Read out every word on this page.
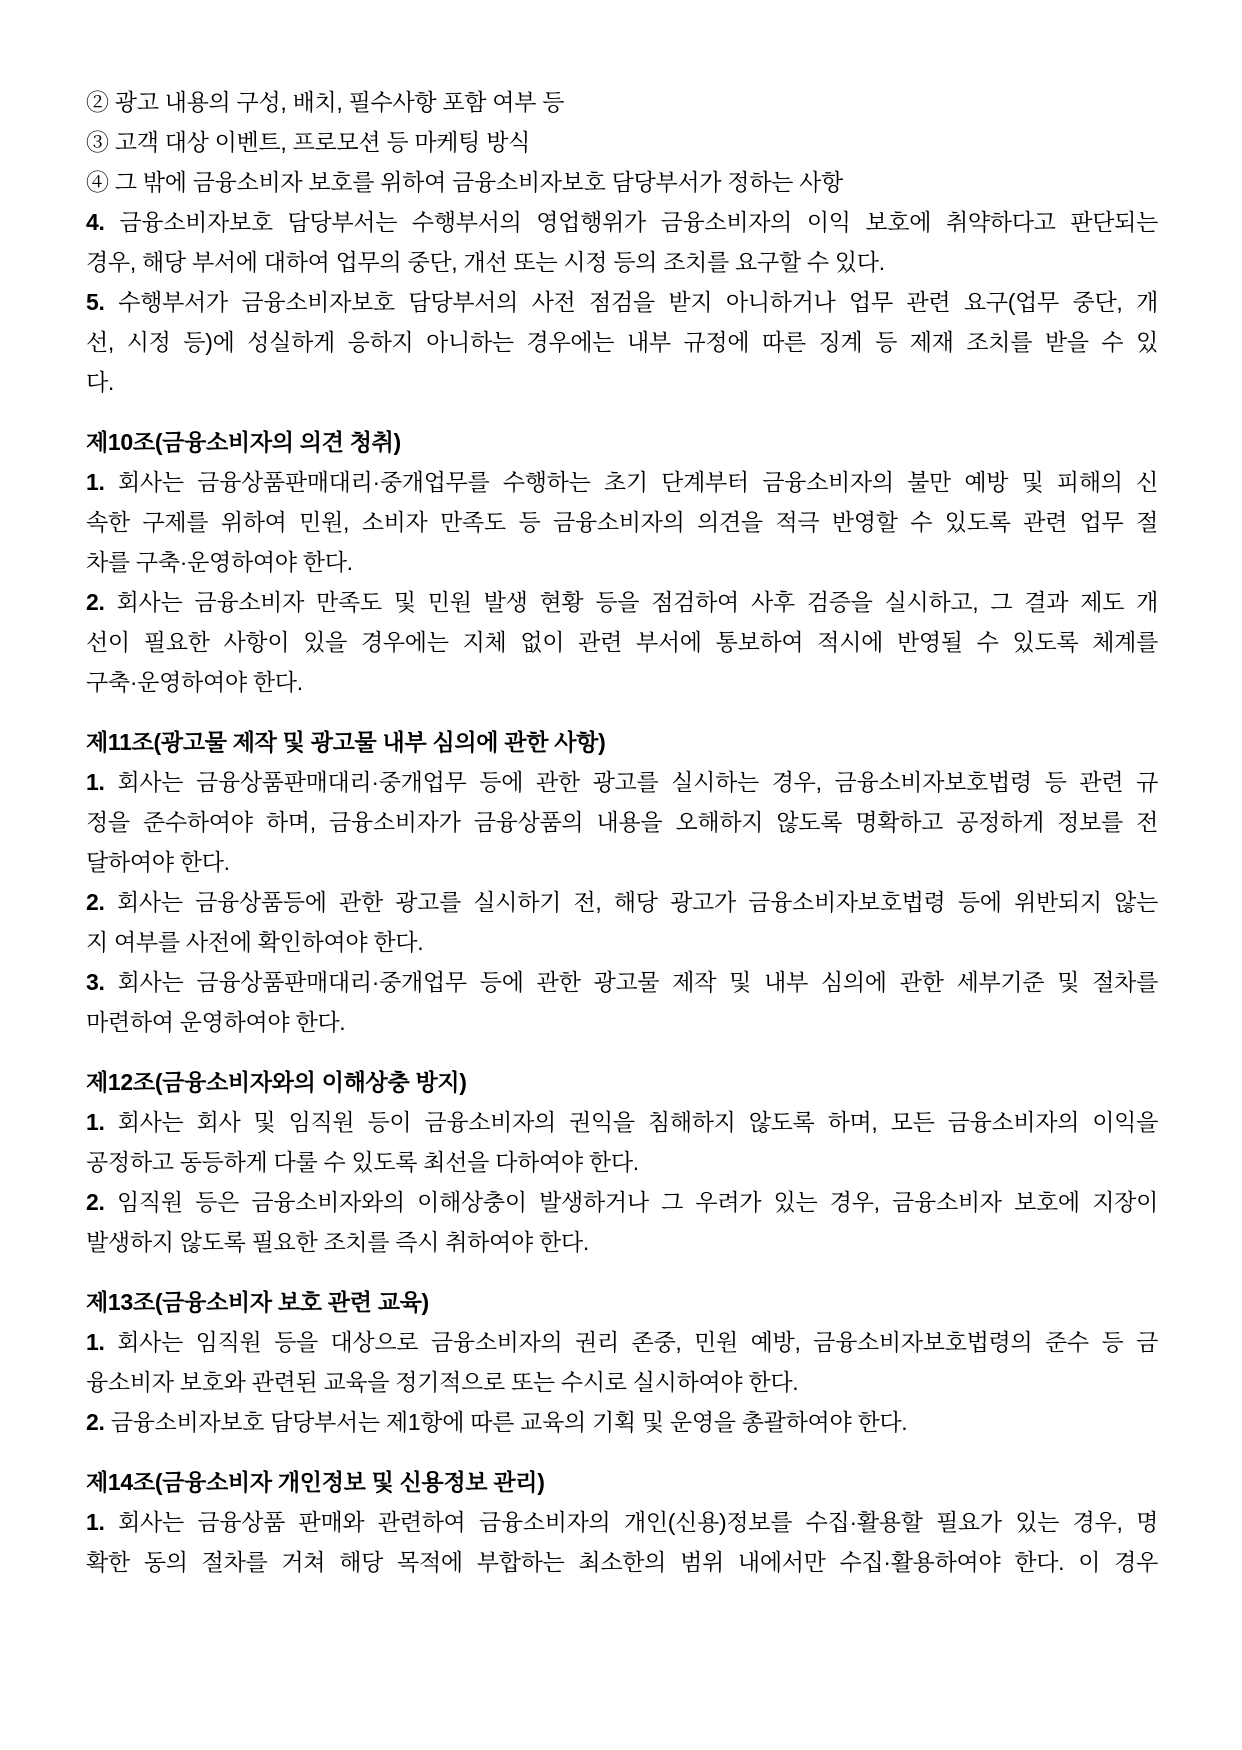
② 광고 내용의 구성, 배치, 필수사항 포함 여부 등
③ 고객 대상 이벤트, 프로모션 등 마케팅 방식
④ 그 밖에 금융소비자 보호를 위하여 금융소비자보호 담당부서가 정하는 사항
4. 금융소비자보호 담당부서는 수행부서의 영업행위가 금융소비자의 이익 보호에 취약하다고 판단되는
경우, 해당 부서에 대하여 업무의 중단, 개선 또는 시정 등의 조치를 요구할 수 있다.
5. 수행부서가 금융소비자보호 담당부서의 사전 점검을 받지 아니하거나 업무 관련 요구(업무 중단, 개
선, 시정 등)에 성실하게 응하지 아니하는 경우에는 내부 규정에 따른 징계 등 제재 조치를 받을 수 있
다.
제10조(금융소비자의 의견 청취)
1. 회사는 금융상품판매대리·중개업무를 수행하는 초기 단계부터 금융소비자의 불만 예방 및 피해의 신
속한 구제를 위하여 민원, 소비자 만족도 등 금융소비자의 의견을 적극 반영할 수 있도록 관련 업무 절
차를 구축·운영하여야 한다.
2. 회사는 금융소비자 만족도 및 민원 발생 현황 등을 점검하여 사후 검증을 실시하고, 그 결과 제도 개
선이 필요한 사항이 있을 경우에는 지체 없이 관련 부서에 통보하여 적시에 반영될 수 있도록 체계를
구축·운영하여야 한다.
제11조(광고물 제작 및 광고물 내부 심의에 관한 사항)
1. 회사는 금융상품판매대리·중개업무 등에 관한 광고를 실시하는 경우, 금융소비자보호법령 등 관련 규
정을 준수하여야 하며, 금융소비자가 금융상품의 내용을 오해하지 않도록 명확하고 공정하게 정보를 전
달하여야 한다.
2. 회사는 금융상품등에 관한 광고를 실시하기 전, 해당 광고가 금융소비자보호법령 등에 위반되지 않는
지 여부를 사전에 확인하여야 한다.
3. 회사는 금융상품판매대리·중개업무 등에 관한 광고물 제작 및 내부 심의에 관한 세부기준 및 절차를
마련하여 운영하여야 한다.
제12조(금융소비자와의 이해상충 방지)
1. 회사는 회사 및 임직원 등이 금융소비자의 권익을 침해하지 않도록 하며, 모든 금융소비자의 이익을
공정하고 동등하게 다룰 수 있도록 최선을 다하여야 한다.
2. 임직원 등은 금융소비자와의 이해상충이 발생하거나 그 우려가 있는 경우, 금융소비자 보호에 지장이
발생하지 않도록 필요한 조치를 즉시 취하여야 한다.
제13조(금융소비자 보호 관련 교육)
1. 회사는 임직원 등을 대상으로 금융소비자의 권리 존중, 민원 예방, 금융소비자보호법령의 준수 등 금
융소비자 보호와 관련된 교육을 정기적으로 또는 수시로 실시하여야 한다.
2. 금융소비자보호 담당부서는 제1항에 따른 교육의 기획 및 운영을 총괄하여야 한다.
제14조(금융소비자 개인정보 및 신용정보 관리)
1. 회사는 금융상품 판매와 관련하여 금융소비자의 개인(신용)정보를 수집·활용할 필요가 있는 경우, 명
확한 동의 절차를 거쳐 해당 목적에 부합하는 최소한의 범위 내에서만 수집·활용하여야 한다. 이 경우
